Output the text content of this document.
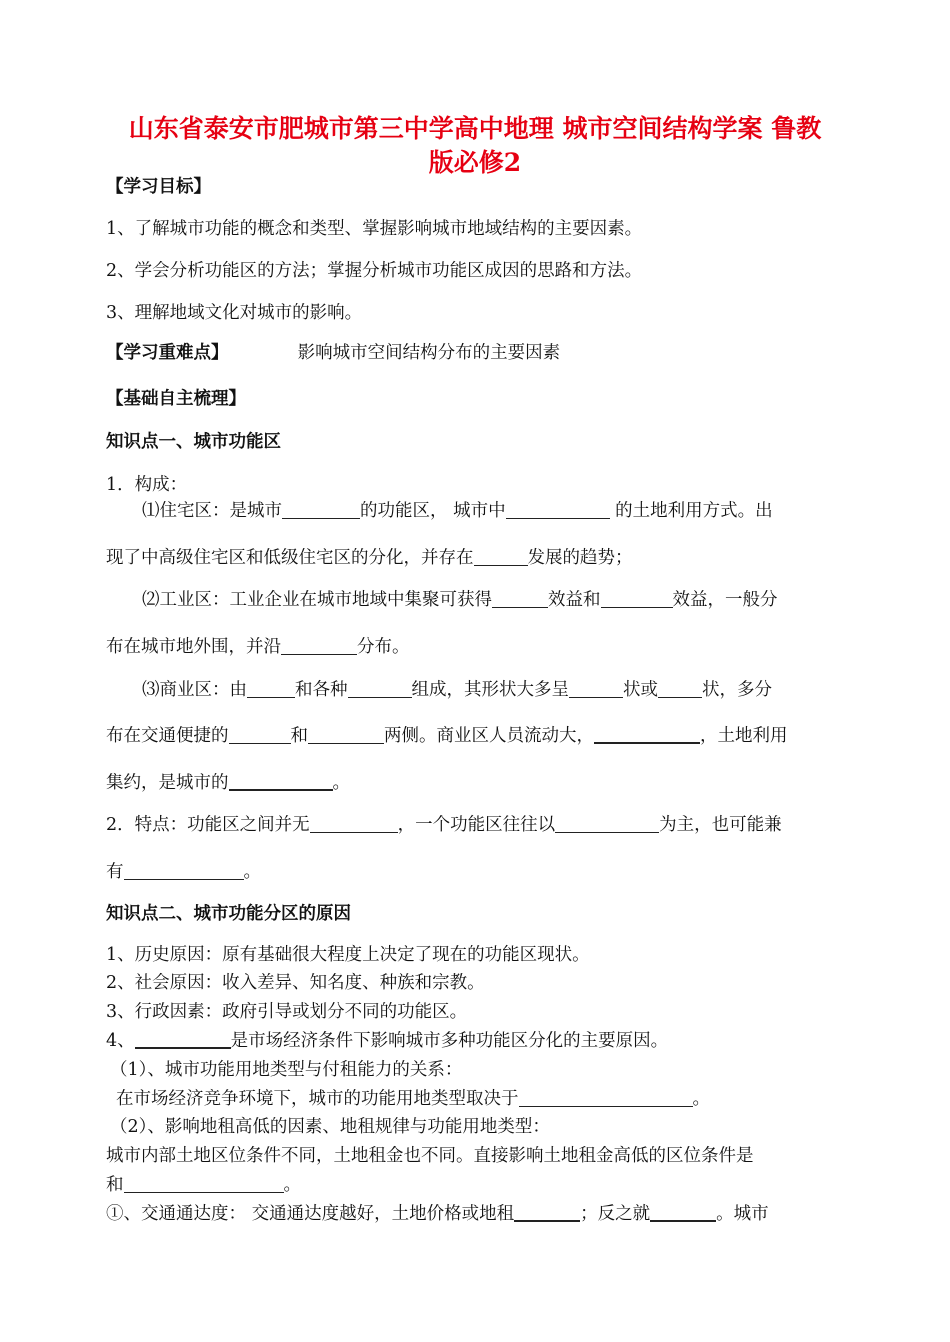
山东省泰安市肥城市第三中学高中地理 城市空间结构学案 鲁教
版必修2
【学习目标】
1、了解城市功能的概念和类型、掌握影响城市地域结构的主要因素。
2、学会分析功能区的方法；掌握分析城市功能区成因的思路和方法。
3、理解地域文化对城市的影响。
【学习重难点】	影响城市空间结构分布的主要因素
【基础自主梳理】
知识点一、城市功能区
1．构成：
⑴住宅区：是城市	的功能区， 城市中	的土地利用方式。出
现了中高级住宅区和低级住宅区的分化，并存在	发展的趋势；
⑵工业区：工业企业在城市地域中集聚可获得	效益和	效益，一般分
布在城市地外围，并沿	分布。
⑶商业区：由	和各种	组成，其形状大多呈	状或	状，多分
布在交通便捷的	和	两侧。商业区人员流动大，	，土地利用
集约，是城市的	。
2．特点：功能区之间并无	，一个功能区往往以	为主，也可能兼
有	。
知识点二、城市功能分区的原因
1、历史原因：原有基础很大程度上决定了现在的功能区现状。
2、社会原因：收入差异、知名度、种族和宗教。
3、行政因素：政府引导或划分不同的功能区。
4、	是市场经济条件下影响城市多种功能区分化的主要原因。
（1）、城市功能用地类型与付租能力的关系：
在市场经济竞争环境下，城市的功能用地类型取决于	。
（2）、影响地租高低的因素、地租规律与功能用地类型：
城市内部土地区位条件不同，土地租金也不同。直接影响土地租金高低的区位条件是
和	。
①、交通通达度： 交通通达度越好，土地价格或地租	；反之就	。城市
